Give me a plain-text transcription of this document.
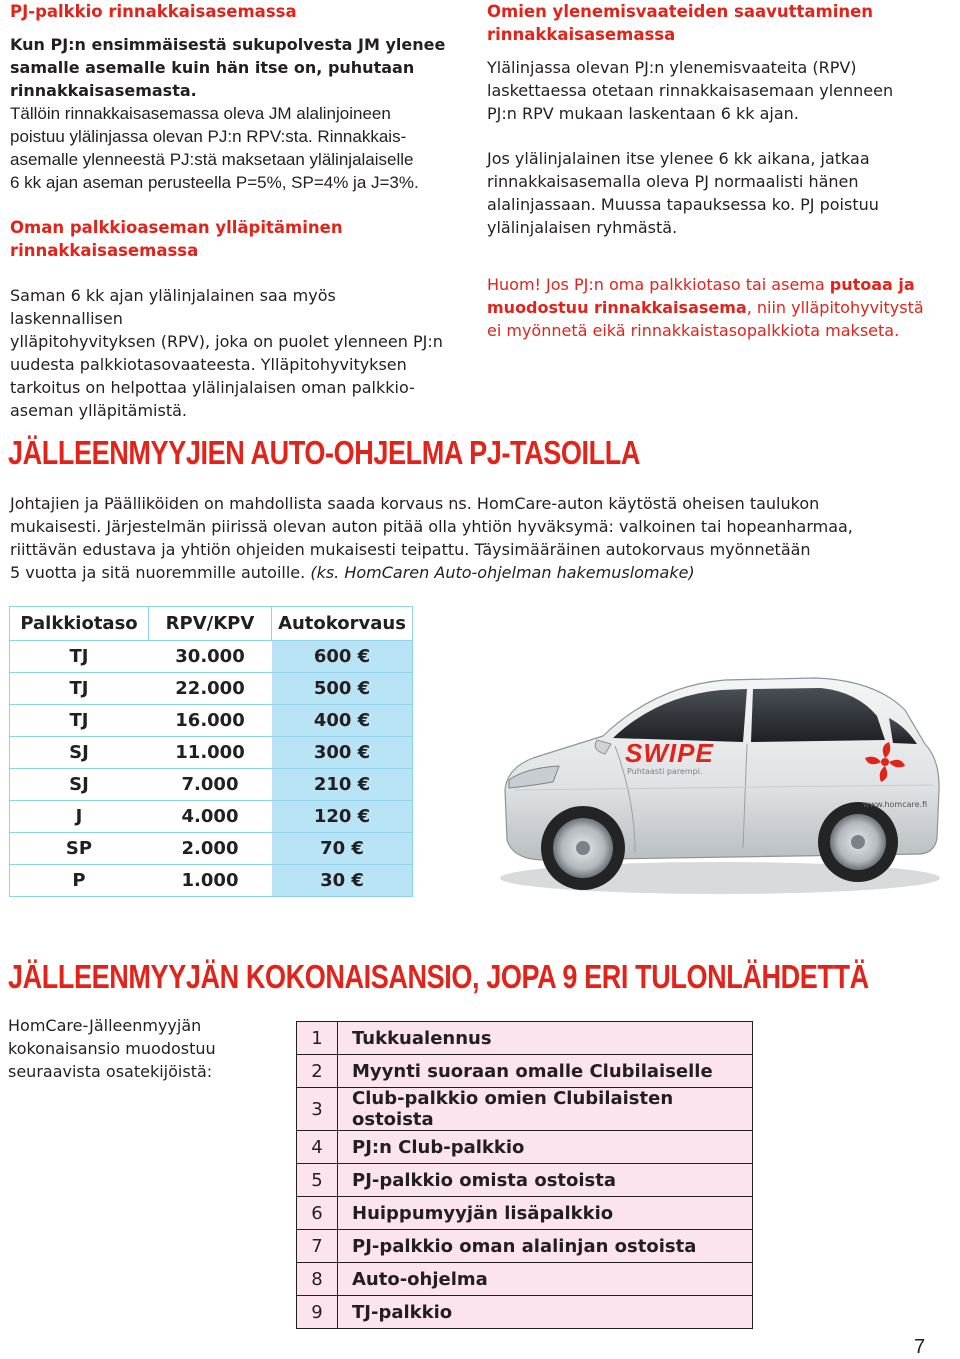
PJ-palkkio rinnakkaisasemassa

Kun PJ:n ensimmäisestä sukupolvesta JM ylenee
samalle asemalle kuin hän itse on, puhutaan
rinnakkaisasemasta.
Tällöin rinnakkaisasemassa oleva JM alalinjoineen
poistuu ylälinjassa olevan PJ:n RPV:sta. Rinnakkais-
asemalle ylenneestä PJ:stä maksetaan ylälinjalaiselle
6 kk ajan aseman perusteella P=5%, SP=4% ja J=3%.
Oman palkkioaseman ylläpitäminen
rinnakkaisasemassa
Saman 6 kk ajan ylälinjalainen saa myös laskennallisen
ylläpitohyvityksen (RPV), joka on puolet ylenneen PJ:n
uudesta palkkiotasovaateesta. Ylläpitohyvityksen
tarkoitus on helpottaa ylälinjalaisen oman palkkio-
aseman ylläpitämistä.
Omien ylenemisvaateiden saavuttaminen
rinnakkaisasemassa
Ylälinjassa olevan PJ:n ylenemisvaateita (RPV)
laskettaessa otetaan rinnakkaisasemaan ylenneen
PJ:n RPV mukaan laskentaan 6 kk ajan.
Jos ylälinjalainen itse ylenee 6 kk aikana, jatkaa
rinnakkaisasemalla oleva PJ normaalisti hänen
alalinjassaan. Muussa tapauksessa ko. PJ poistuu
ylälinjalaisen ryhmästä.
Huom! Jos PJ:n oma palkkiotaso tai asema putoaa ja
muodostuu rinnakkaisasema, niin ylläpitohyvitystä
ei myönnetä eikä rinnakkaistasopalkkiota makseta.

JÄLLEENMYYJIEN AUTO-OHJELMA PJ-TASOILLA

Johtajien ja Päälliköiden on mahdollista saada korvaus ns. HomCare-auton käytöstä oheisen taulukon
mukaisesti. Järjestelmän piirissä olevan auton pitää olla yhtiön hyväksymä: valkoinen tai hopeanharmaa,
riittävän edustava ja yhtiön ohjeiden mukaisesti teipattu. Täysimääräinen autokorvaus myönnetään
5 vuotta ja sitä nuoremmille autoille. (ks. HomCaren Auto-ohjelman hakemuslomake)
Palkkiotaso	RPV/KPV	Autokorvaus
TJ	30.000	600 €
TJ	22.000	500 €
TJ	16.000	400 €
SJ	11.000	300 €
SJ	7.000	210 €
J	4.000	120 €
SP	2.000	70 €
P	1.000	30 €
SWIPE
Puhtaasti parempi.
www.homcare.fi

JÄLLEENMYYJÄN KOKONAISANSIO, JOPA 9 ERI TULONLÄHDETTÄ

HomCare-Jälleenmyyjän
kokonaisansio muodostuu
seuraavista osatekijöistä:
1	Tukkualennus
2	Myynti suoraan omalle Clubilaiselle
3	Club-palkkio omien Clubilaisten ostoista
4	PJ:n Club-palkkio
5	PJ-palkkio omista ostoista
6	Huippumyyjän lisäpalkkio
7	PJ-palkkio oman alalinjan ostoista
8	Auto-ohjelma
9	TJ-palkkio
7
